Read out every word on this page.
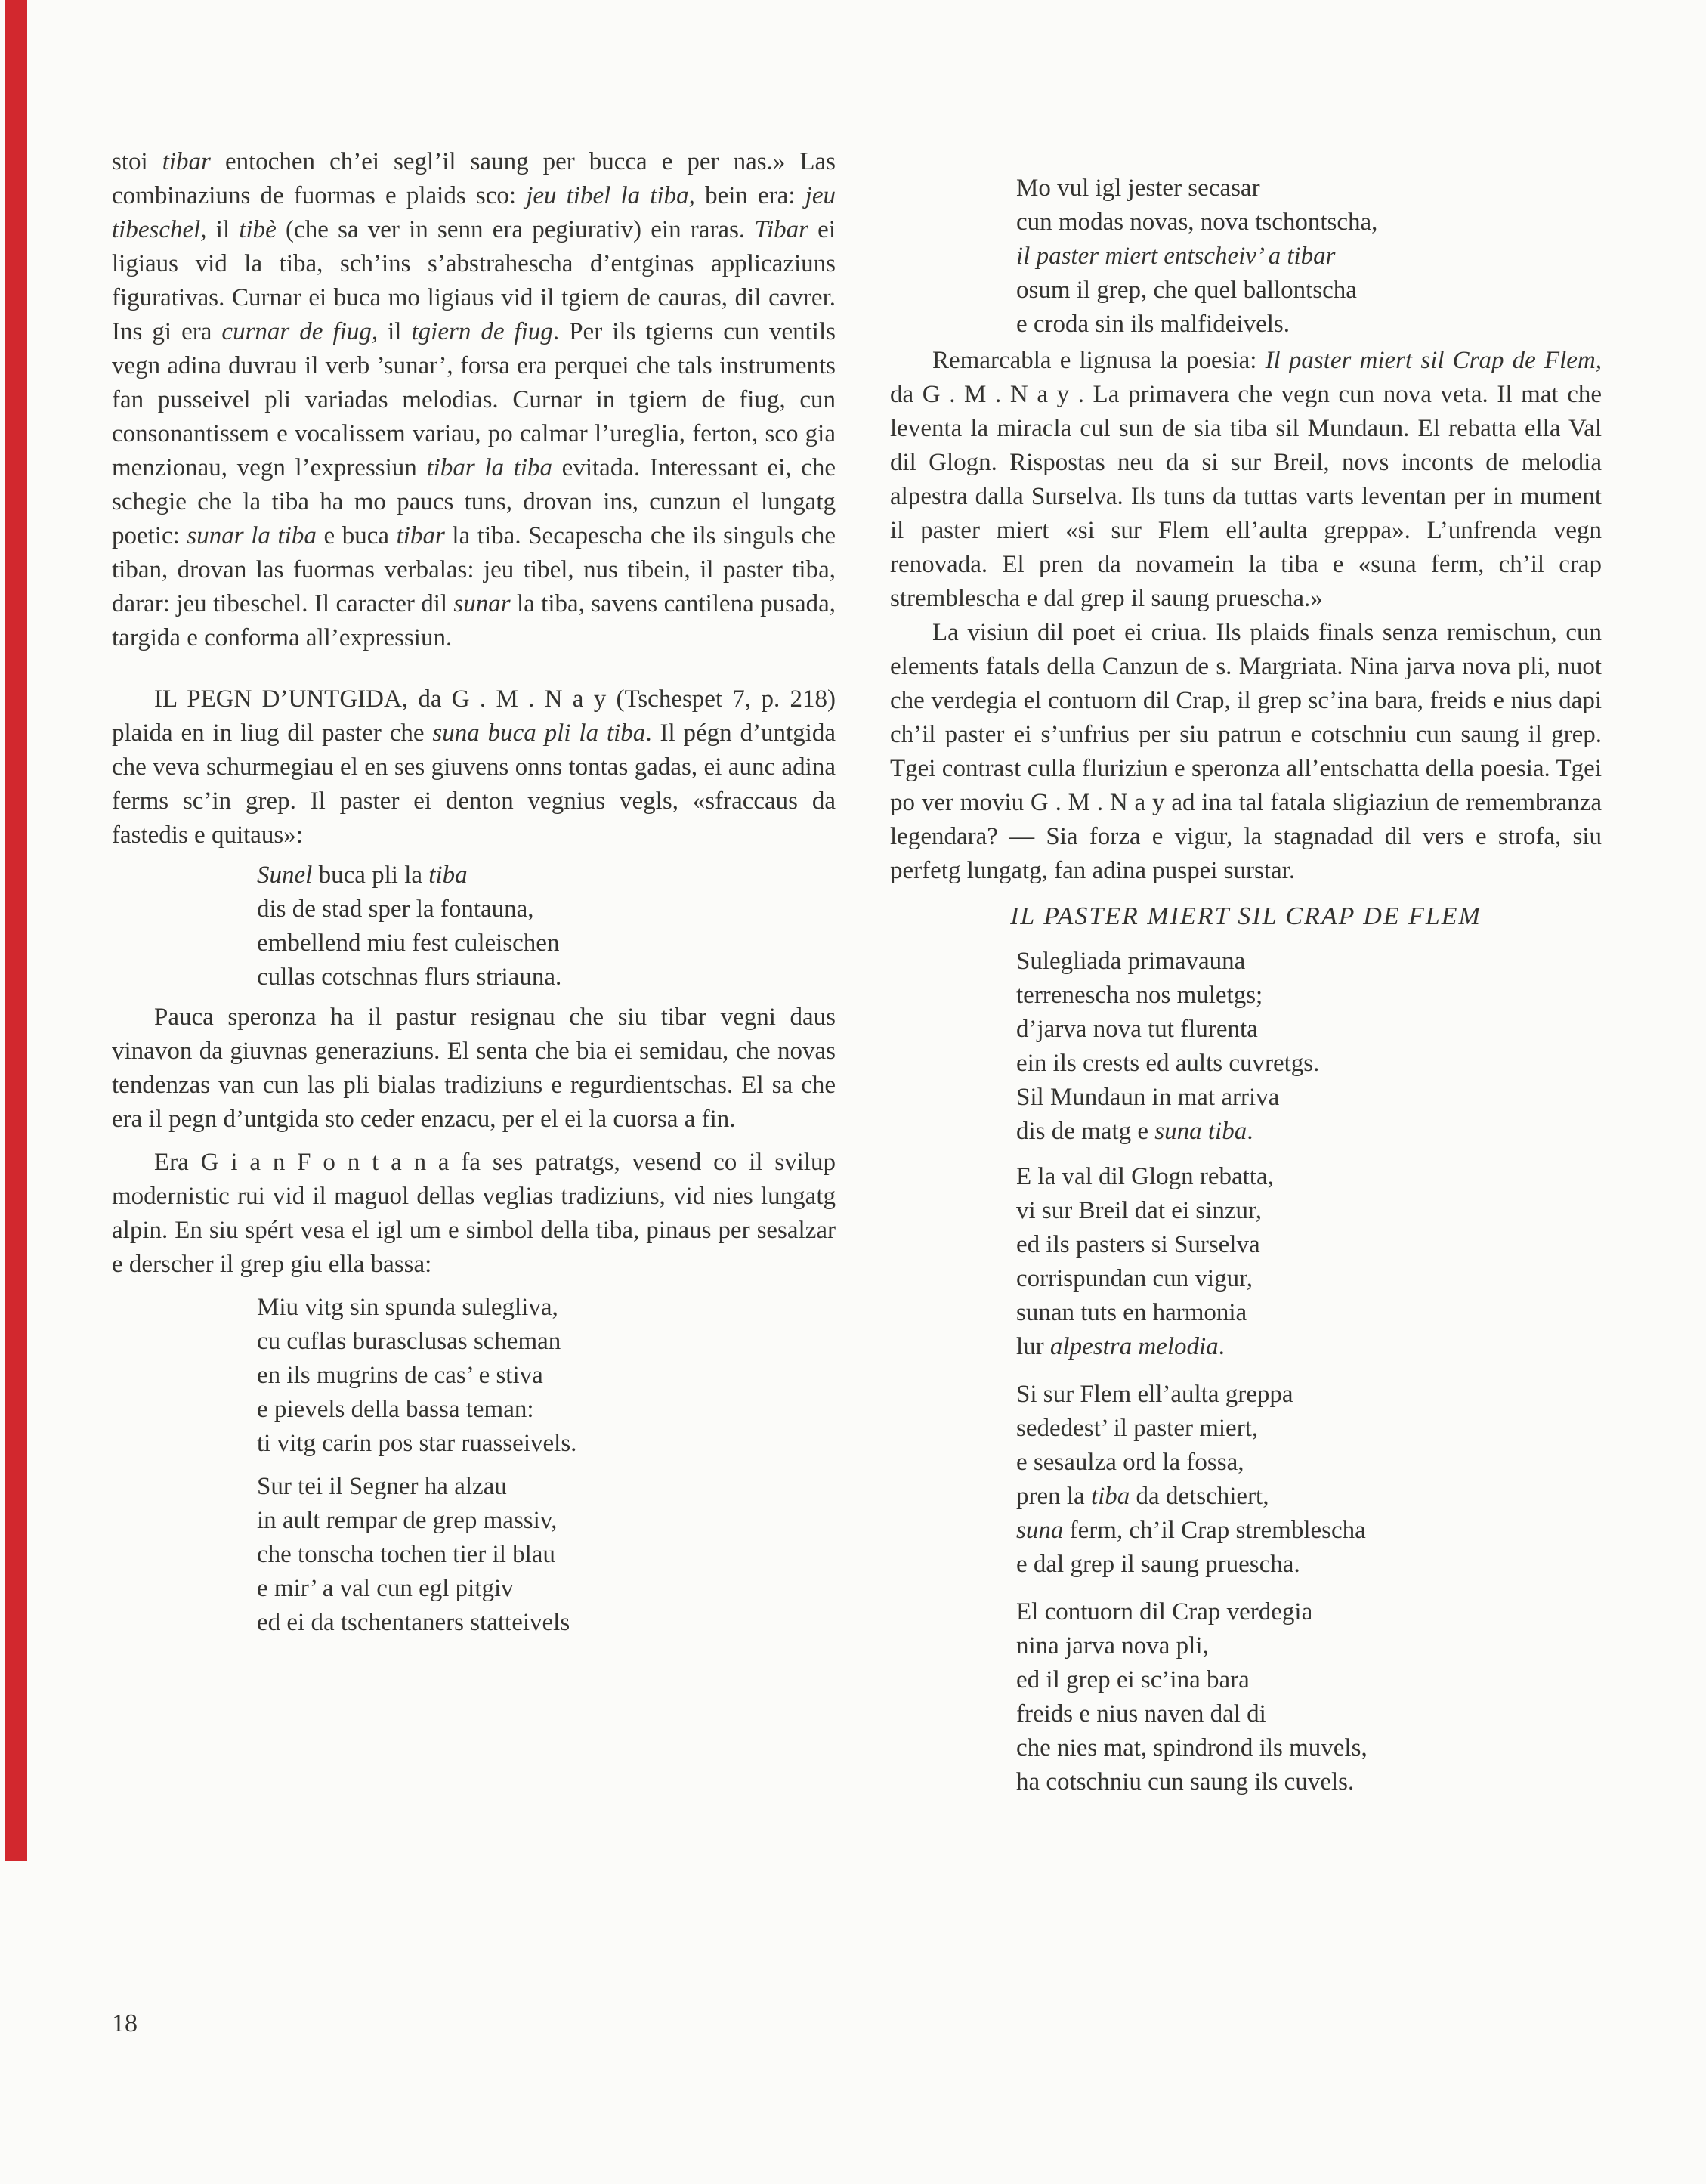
stoi tibar entochen ch’ei segl’il saung per bucca e per nas.» Las combinaziuns de fuormas e plaids sco: jeu tibel la tiba, bein era: jeu tibeschel, il tibè (che sa ver in senn era pegiurativ) ein raras. Tibar ei ligiaus vid la tiba, sch’ins s’abstrahescha d’entginas applicaziuns figurativas. Curnar ei buca mo ligiaus vid il tgiern de cauras, dil cavrer. Ins gi era curnar de fiug, il tgiern de fiug. Per ils tgierns cun ventils vegn adina duvrau il verb ’sunar’, forsa era perquei che tals instruments fan pusseivel pli variadas melodias. Curnar in tgiern de fiug, cun consonantissem e vocalissem variau, po calmar l’ureglia, ferton, sco gia menzionau, vegn l’expressiun tibar la tiba evitada. Interessant ei, che schegie che la tiba ha mo paucs tuns, drovan ins, cunzun el lungatg poetic: sunar la tiba e buca tibar la tiba. Secapescha che ils singuls che tiban, drovan las fuormas verbalas: jeu tibel, nus tibein, il paster tiba, darar: jeu tibeschel. Il caracter dil sunar la tiba, savens cantilena pusada, targida e conforma all’expressiun.

IL PEGN D’UNTGIDA, da G . M . N a y (Tschespet 7, p. 218) plaida en in liug dil paster che suna buca pli la tiba. Il pégn d’untgida che veva schurmegiau el en ses giuvens onns tontas gadas, ei aunc adina ferms sc’in grep. Il paster ei denton vegnius vegls, «sfraccaus da fastedis e quitaus»:

Sunel buca pli la tiba
dis de stad sper la fontauna,
embellend miu fest culeischen
cullas cotschnas flurs striauna.

Pauca speronza ha il pastur resignau che siu tibar vegni daus vinavon da giuvnas generaziuns. El senta che bia ei semidau, che novas tendenzas van cun las pli bialas tradiziuns e regurdientschas. El sa che era il pegn d’untgida sto ceder enzacu, per el ei la cuorsa a fin.

Era G i a n F o n t a n a fa ses patratgs, vesend co il svilup modernistic rui vid il maguol dellas veglias tradiziuns, vid nies lungatg alpin. En siu spért vesa el igl um e simbol della tiba, pinaus per sesalzar e derscher il grep giu ella bassa:

Miu vitg sin spunda sulegliva,
cu cuflas burasclusas scheman
en ils mugrins de cas’ e stiva
e pievels della bassa teman:
ti vitg carin pos star ruasseivels.
Sur tei il Segner ha alzau
in ault rempar de grep massiv,
che tonscha tochen tier il blau
e mir’ a val cun egl pitgiv
ed ei da tschentaners statteivels
Mo vul igl jester secasar
cun modas novas, nova tschontscha,
il paster miert entscheiv’ a tibar
osum il grep, che quel ballontscha
e croda sin ils malfideivels.

Remarcabla e lignusa la poesia: Il paster miert sil Crap de Flem, da G . M . N a y . La primavera che vegn cun nova veta. Il mat che leventa la miracla cul sun de sia tiba sil Mundaun. El rebatta ella Val dil Glogn. Rispostas neu da si sur Breil, novs inconts de melodia alpestra dalla Surselva. Ils tuns da tuttas varts leventan per in mument il paster miert «si sur Flem ell’aulta greppa». L’unfrenda vegn renovada. El pren da novamein la tiba e «suna ferm, ch’il crap stremblescha e dal grep il saung pruescha.»

La visiun dil poet ei criua. Ils plaids finals senza remischun, cun elements fatals della Canzun de s. Margriata. Nina jarva nova pli, nuot che verdegia el contuorn dil Crap, il grep sc’ina bara, freids e nius dapi ch’il paster ei s’unfrius per siu patrun e cotschniu cun saung il grep. Tgei contrast culla fluriziun e speronza all’entschatta della poesia. Tgei po ver moviu G . M . N a y ad ina tal fatala sligiaziun de remembranza legendara? — Sia forza e vigur, la stagnadad dil vers e strofa, siu perfetg lungatg, fan adina puspei surstar.

IL PASTER MIERT SIL CRAP DE FLEM
Sulegliada primavauna
terrenescha nos muletgs;
d’jarva nova tut flurenta
ein ils crests ed aults cuvretgs.
Sil Mundaun in mat arriva
dis de matg e suna tiba.
E la val dil Glogn rebatta,
vi sur Breil dat ei sinzur,
ed ils pasters si Surselva
corrispundan cun vigur,
sunan tuts en harmonia
lur alpestra melodia.
Si sur Flem ell’aulta greppa
sededest’ il paster miert,
e sesaulza ord la fossa,
pren la tiba da detschiert,
suna ferm, ch’il Crap stremblescha
e dal grep il saung pruescha.
El contuorn dil Crap verdegia
nina jarva nova pli,
ed il grep ei sc’ina bara
freids e nius naven dal di
che nies mat, spindrond ils muvels,
ha cotschniu cun saung ils cuvels.
18
